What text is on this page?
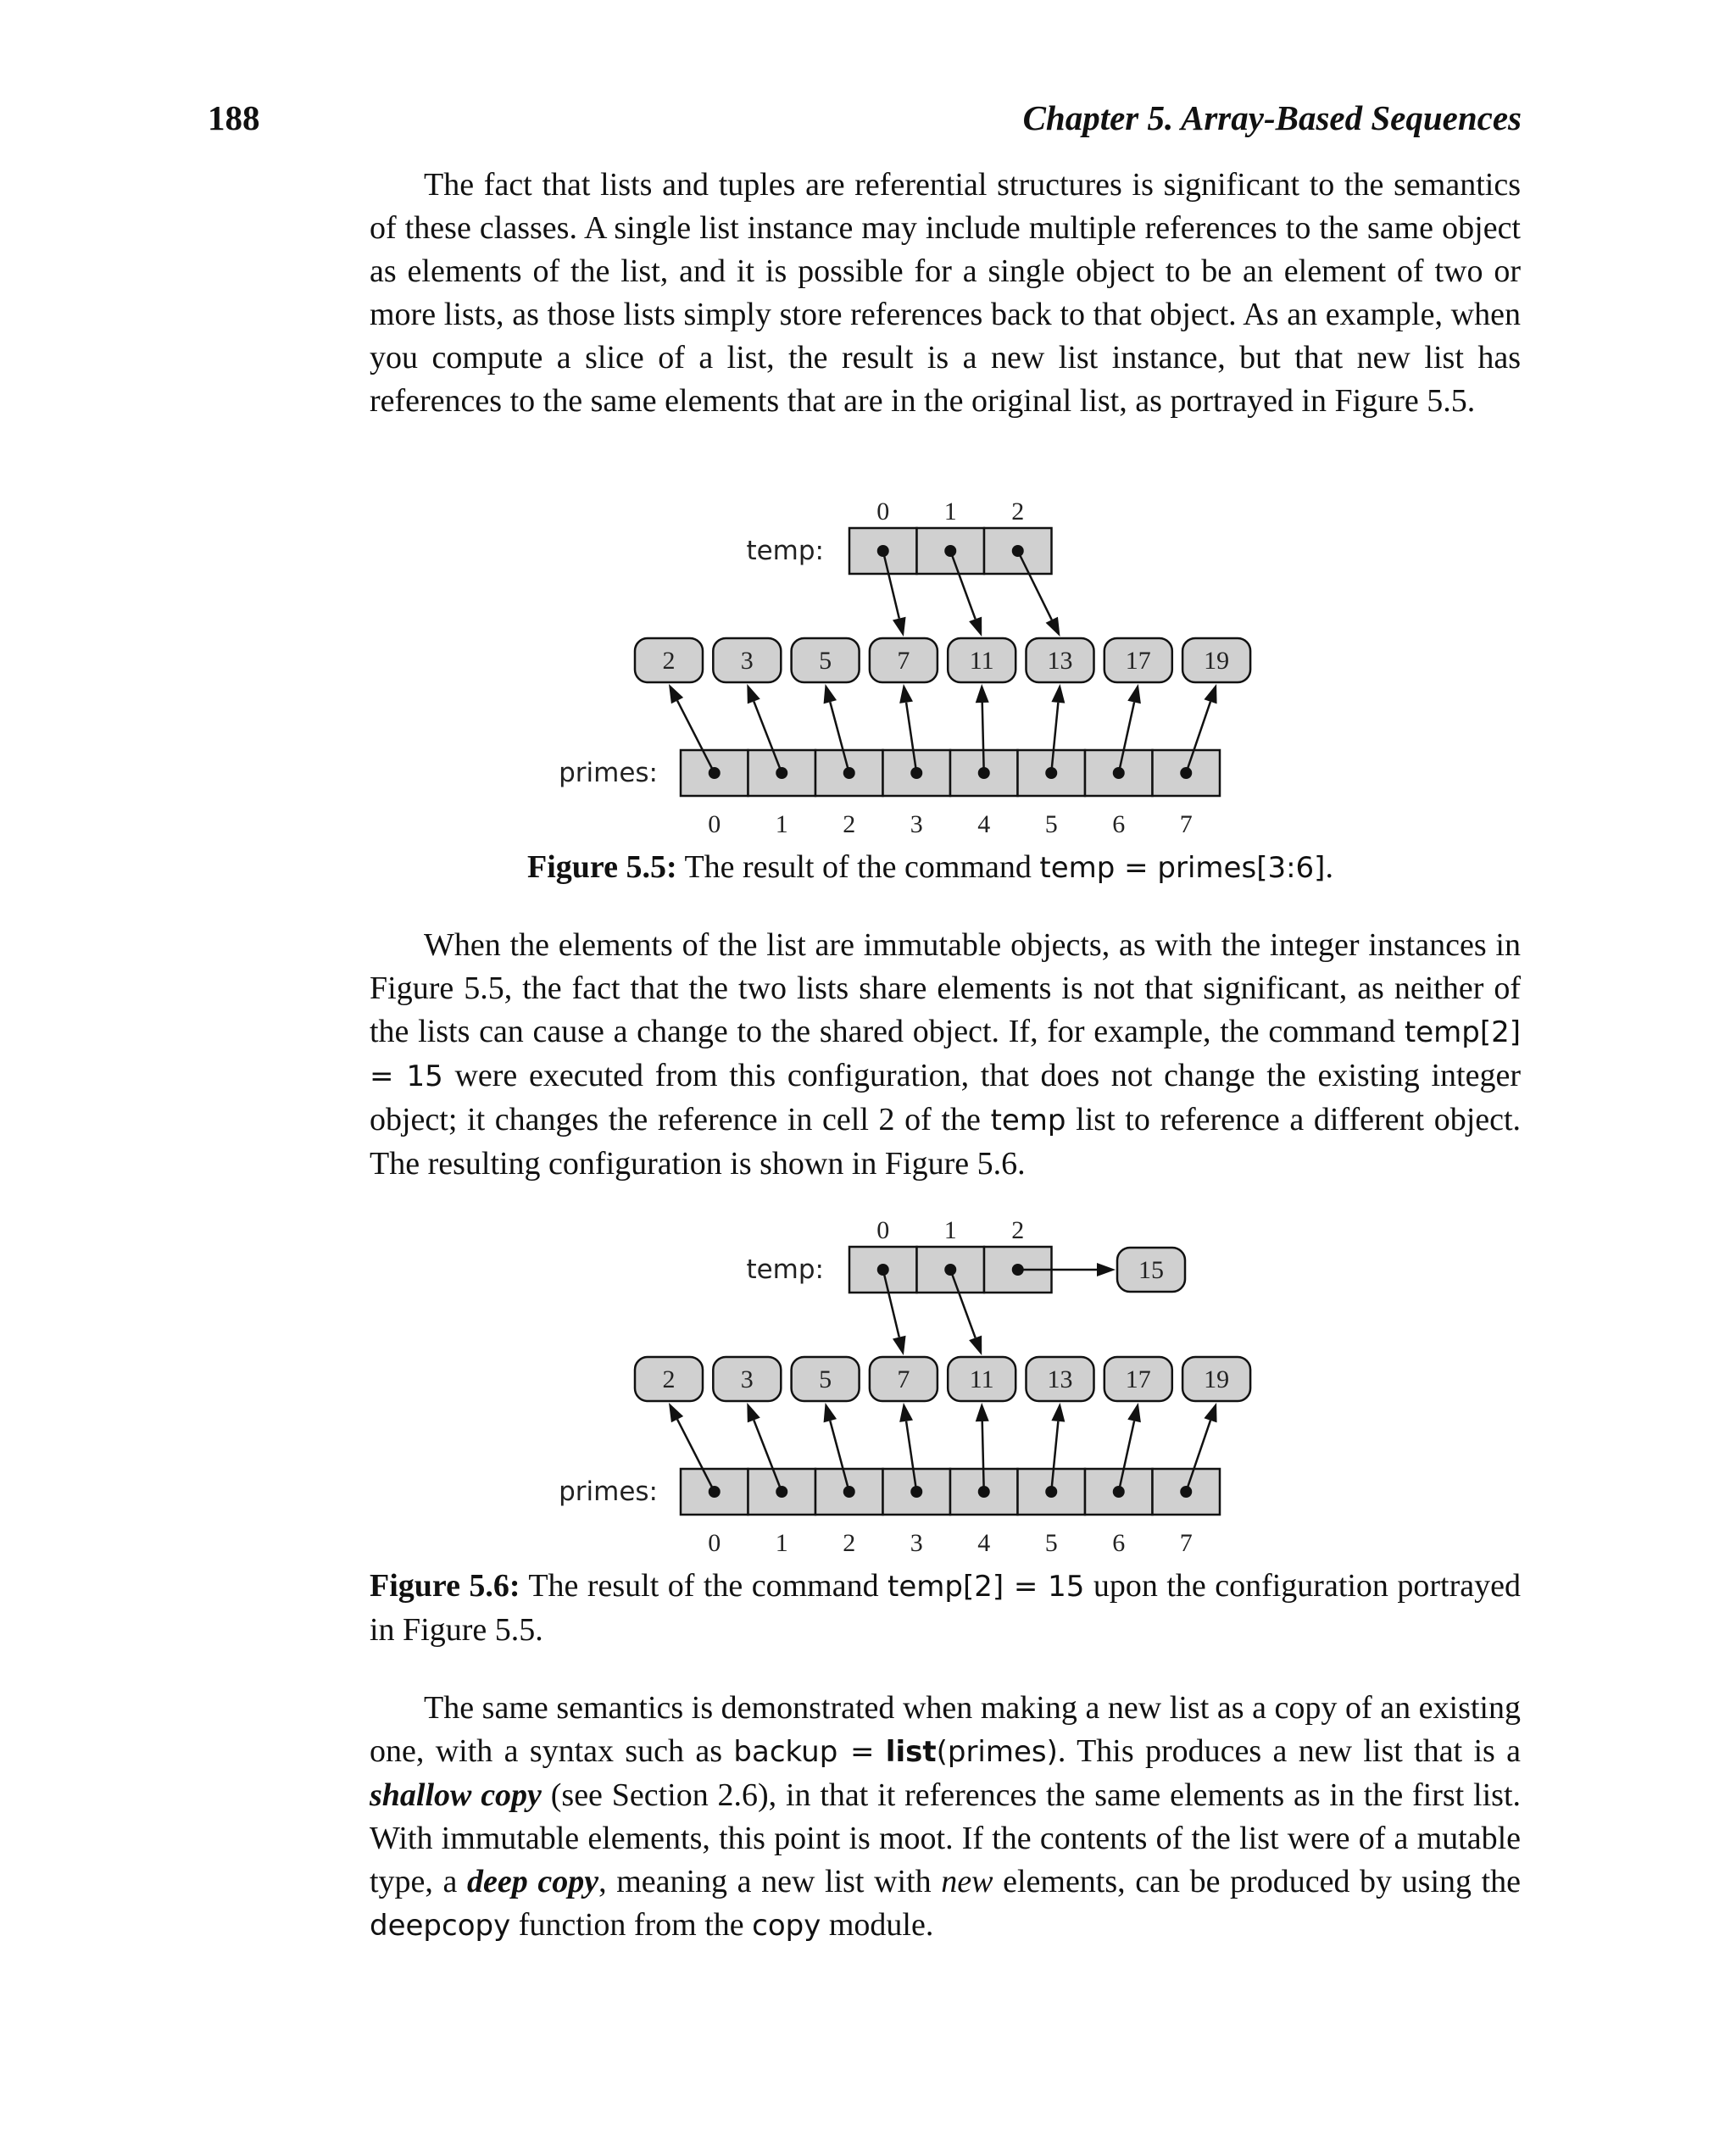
188	Chapter 5. Array-Based Sequences

The fact that lists and tuples are referential structures is significant to the semantics of these classes. A single list instance may include multiple references to the same object as elements of the list, and it is possible for a single object to be an element of two or more lists, as those lists simply store references back to that object. As an example, when you compute a slice of a list, the result is a new list instance, but that new list has references to the same elements that are in the original list, as portrayed in Figure 5.5.

0 1 2
temp:
2	3	5	7 11 13 17 19
primes:
0 1 2 3 4 5 6 7

Figure 5.5: The result of the command temp = primes[3:6].

When the elements of the list are immutable objects, as with the integer instances in Figure 5.5, the fact that the two lists share elements is not that significant, as neither of the lists can cause a change to the shared object. If, for example, the command temp[2] = 15 were executed from this configuration, that does not change the existing integer object; it changes the reference in cell 2 of the temp list to reference a different object. The resulting configuration is shown in Figure 5.6.

0 1 2
temp:
2	3	5	7 11 13 17 19
primes:
0 1 2 3 4 5 6 7
15

Figure 5.6: The result of the command temp[2] = 15 upon the configuration portrayed in Figure 5.5.

The same semantics is demonstrated when making a new list as a copy of an existing one, with a syntax such as backup = list(primes). This produces a new list that is a shallow copy (see Section 2.6), in that it references the same elements as in the first list. With immutable elements, this point is moot. If the contents of the list were of a mutable type, a deep copy, meaning a new list with new elements, can be produced by using the deepcopy function from the copy module.
